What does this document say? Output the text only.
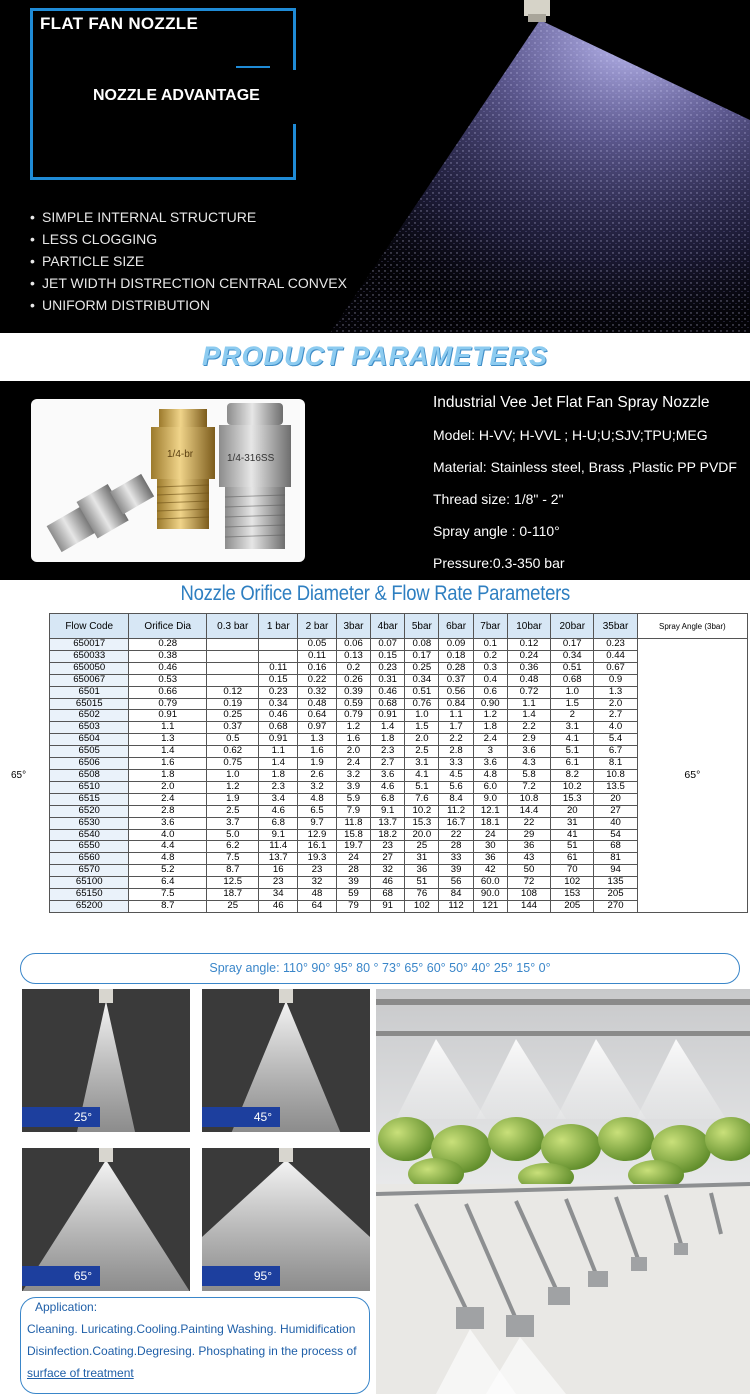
FLAT FAN NOZZLE
NOZZLE ADVANTAGE
• SIMPLE INTERNAL STRUCTURE
• LESS CLOGGING
• PARTICLE SIZE
• JET WIDTH DISTRECTION CENTRAL CONVEX
• UNIFORM DISTRIBUTION
PRODUCT PARAMETERS
1/4-br	1/4-316SS
Industrial Vee Jet Flat Fan Spray Nozzle
Model: H-VV; H-VVL ; H-U;U;SJV;TPU;MEG
Material: Stainless steel, Brass ,Plastic PP PVDF
Thread size: 1/8" - 2"
Spray angle : 0-110°
Pressure:0.3-350 bar
Nozzle Orifice Diameter & Flow Rate Parameters
65°
Flow Code	Orifice Dia	0.3 bar	1 bar	2 bar	3bar	4bar	5bar	6bar	7bar	10bar	20bar	35bar	Spray Angle (3bar)
650017	0.28			0.05	0.06	0.07	0.08	0.09	0.1	0.12	0.17	0.23	65°
650033	0.38			0.11	0.13	0.15	0.17	0.18	0.2	0.24	0.34	0.44	
650050	0.46		0.11	0.16	0.2	0.23	0.25	0.28	0.3	0.36	0.51	0.67	
650067	0.53		0.15	0.22	0.26	0.31	0.34	0.37	0.4	0.48	0.68	0.9	
6501	0.66	0.12	0.23	0.32	0.39	0.46	0.51	0.56	0.6	0.72	1.0	1.3	
65015	0.79	0.19	0.34	0.48	0.59	0.68	0.76	0.84	0.90	1.1	1.5	2.0	
6502	0.91	0.25	0.46	0.64	0.79	0.91	1.0	1.1	1.2	1.4	2	2.7	
6503	1.1	0.37	0.68	0.97	1.2	1.4	1.5	1.7	1.8	2.2	3.1	4.0	
6504	1.3	0.5	0.91	1.3	1.6	1.8	2.0	2.2	2.4	2.9	4.1	5.4	
6505	1.4	0.62	1.1	1.6	2.0	2.3	2.5	2.8	3	3.6	5.1	6.7	
6506	1.6	0.75	1.4	1.9	2.4	2.7	3.1	3.3	3.6	4.3	6.1	8.1	
6508	1.8	1.0	1.8	2.6	3.2	3.6	4.1	4.5	4.8	5.8	8.2	10.8	
6510	2.0	1.2	2.3	3.2	3.9	4.6	5.1	5.6	6.0	7.2	10.2	13.5	
6515	2.4	1.9	3.4	4.8	5.9	6.8	7.6	8.4	9.0	10.8	15.3	20	
6520	2.8	2.5	4.6	6.5	7.9	9.1	10.2	11.2	12.1	14.4	20	27	
6530	3.6	3.7	6.8	9.7	11.8	13.7	15.3	16.7	18.1	22	31	40	
6540	4.0	5.0	9.1	12.9	15.8	18.2	20.0	22	24	29	41	54	
6550	4.4	6.2	11.4	16.1	19.7	23	25	28	30	36	51	68	
6560	4.8	7.5	13.7	19.3	24	27	31	33	36	43	61	81	
6570	5.2	8.7	16	23	28	32	36	39	42	50	70	94	
65100	6.4	12.5	23	32	39	46	51	56	60.0	72	102	135	
65150	7.5	18.7	34	48	59	68	76	84	90.0	108	153	205	
65200	8.7	25	46	64	79	91	102	112	121	144	205	270	
Spray angle: 110° 90° 95° 80 ° 73° 65° 60° 50° 40° 25° 15° 0°
25°	45°
65°	95°
Application:
Cleaning. Luricating.Cooling.Painting Washing. Humidification
Disinfection.Coating.Degresing. Phosphating in the process of
surface of treatment
